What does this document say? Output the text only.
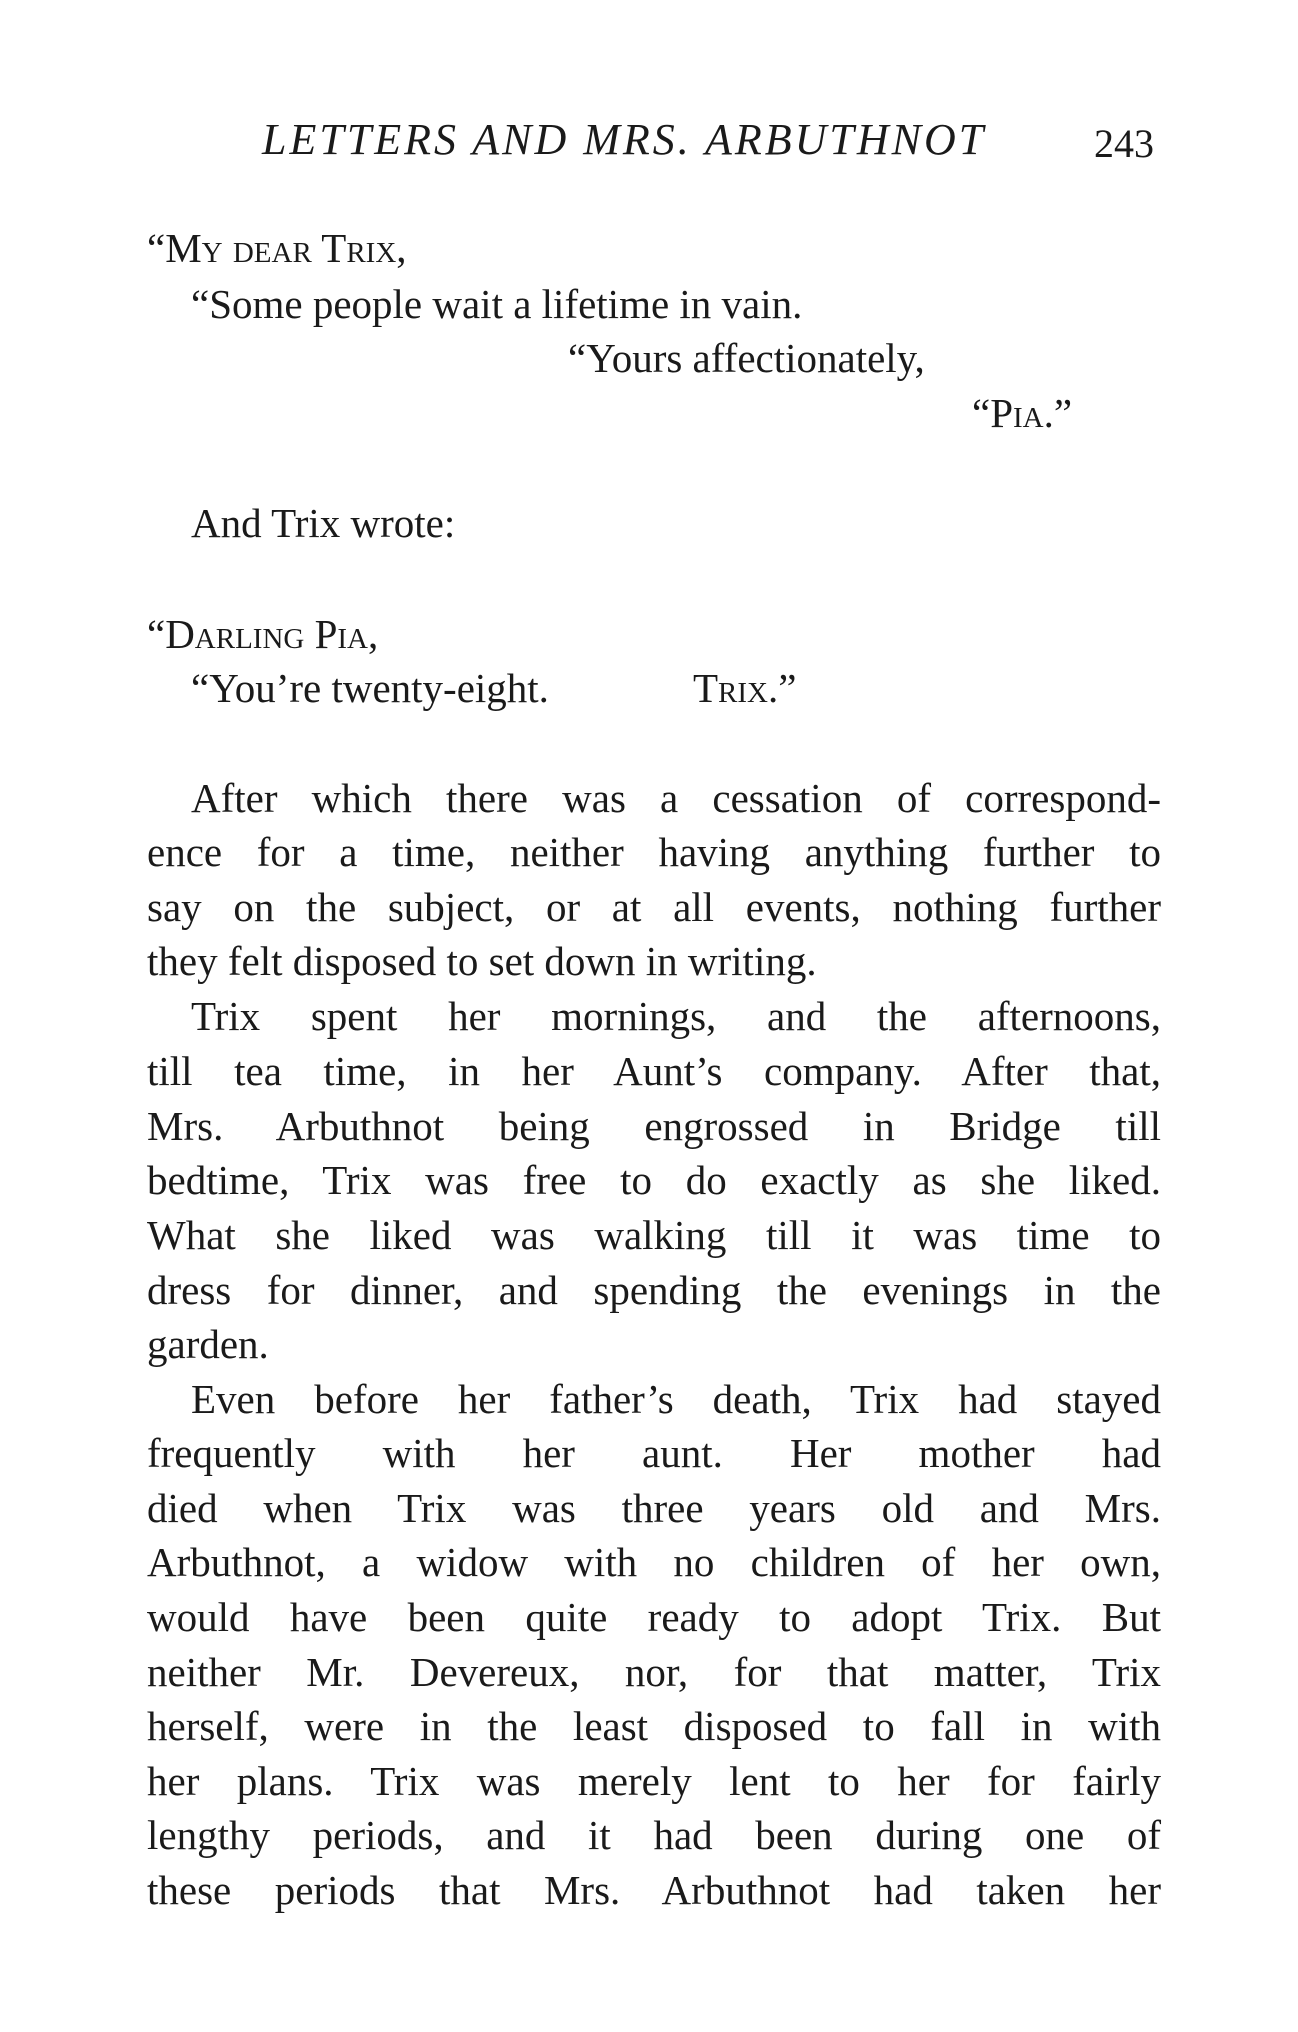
LETTERS AND MRS. ARBUTHNOT	243
“My dear Trix,
“Some people wait a lifetime in vain.
“Yours affectionately,
“Pia.”
And Trix wrote:
“Darling Pia,
“You’re twenty-eight.	Trix.”
After which there was a cessation of correspond-
ence for a time, neither having anything further to
say on the subject, or at all events, nothing further
they felt disposed to set down in writing.
Trix spent her mornings, and the afternoons,
till tea time, in her Aunt’s company. After that,
Mrs. Arbuthnot being engrossed in Bridge till
bedtime, Trix was free to do exactly as she liked.
What she liked was walking till it was time to
dress for dinner, and spending the evenings in the
garden.
Even before her father’s death, Trix had stayed
frequently with her aunt. Her mother had
died when Trix was three years old and Mrs.
Arbuthnot, a widow with no children of her own,
would have been quite ready to adopt Trix. But
neither Mr. Devereux, nor, for that matter, Trix
herself, were in the least disposed to fall in with
her plans. Trix was merely lent to her for fairly
lengthy periods, and it had been during one of
these periods that Mrs. Arbuthnot had taken her
